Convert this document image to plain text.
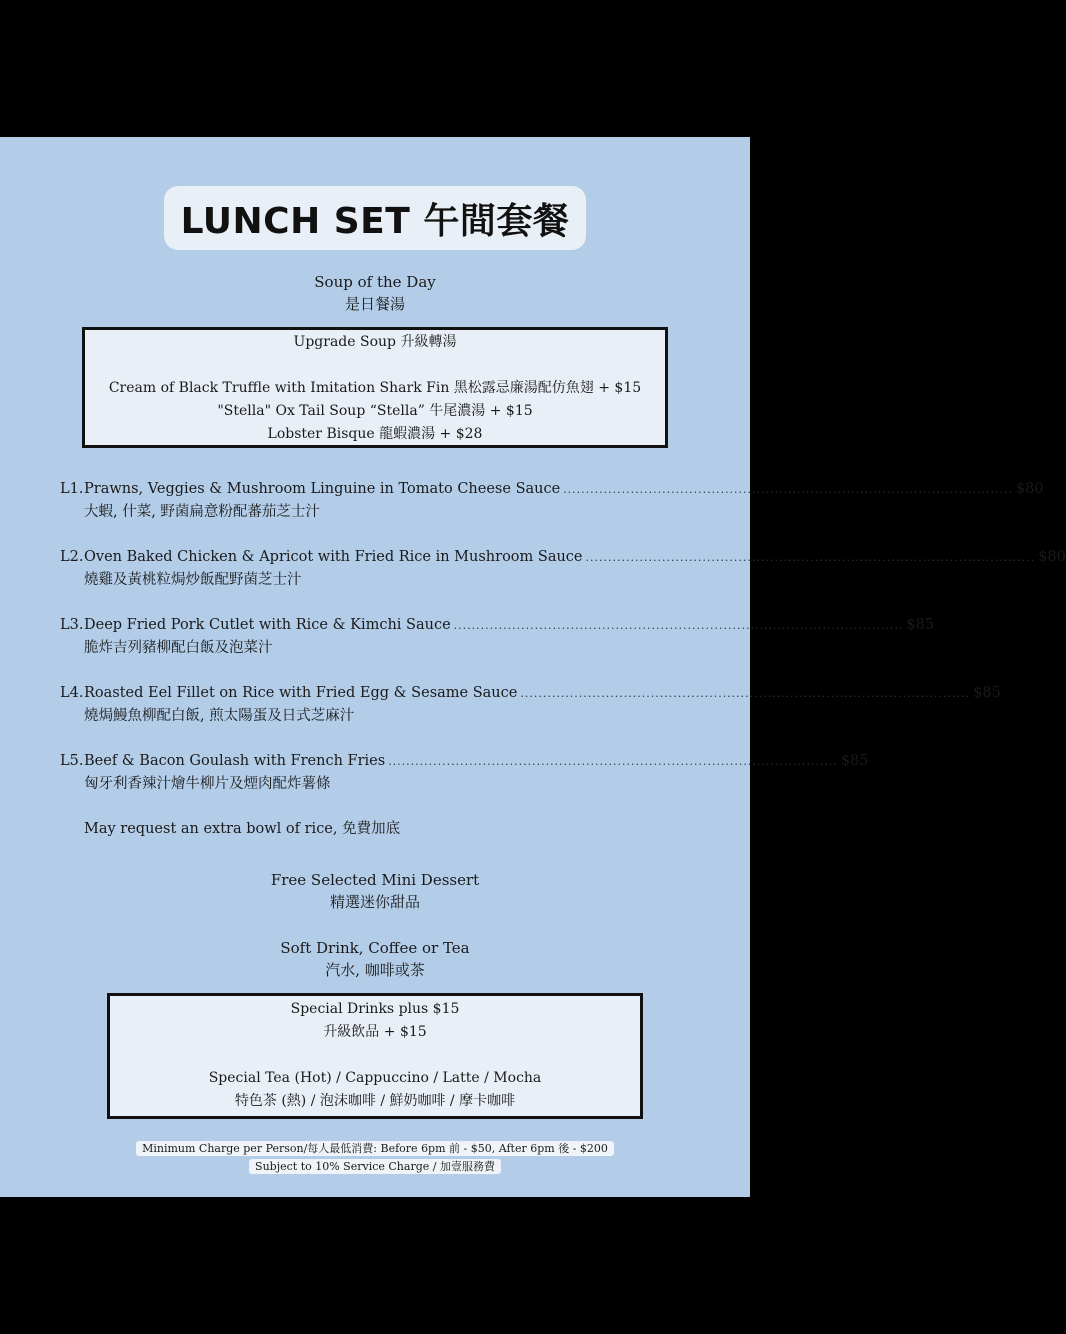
LUNCH SET 午間套餐
Soup of the Day
是日餐湯
Upgrade Soup 升級轉湯
Cream of Black Truffle with Imitation Shark Fin 黑松露忌廉湯配仿魚翅 + $15
"Stella" Ox Tail Soup “Stella” 牛尾濃湯 + $15
Lobster Bisque 龍蝦濃湯 + $28
L1. Prawns, Veggies & Mushroom Linguine in Tomato Cheese Sauce .................................................................................................... $80
大蝦, 什菜, 野菌扁意粉配蕃茄芝士汁
L2. Oven Baked Chicken & Apricot with Fried Rice in Mushroom Sauce .................................................................................................... $80
燒雞及黃桃粒焗炒飯配野菌芝士汁
L3. Deep Fried Pork Cutlet with Rice & Kimchi Sauce .................................................................................................... $85
脆炸吉列豬柳配白飯及泡菜汁
L4. Roasted Eel Fillet on Rice with Fried Egg & Sesame Sauce .................................................................................................... $85
燒焗鰻魚柳配白飯, 煎太陽蛋及日式芝麻汁
L5. Beef & Bacon Goulash with French Fries .................................................................................................... $85
匈牙利香辣汁燴牛柳片及煙肉配炸薯條
May request an extra bowl of rice, 免費加底
Free Selected Mini Dessert
精選迷你甜品
Soft Drink, Coffee or Tea
汽水, 咖啡或茶
Special Drinks plus $15
升級飲品 + $15
Special Tea (Hot) / Cappuccino / Latte / Mocha
特色茶 (熱) / 泡沫咖啡 / 鮮奶咖啡 / 摩卡咖啡
Minimum Charge per Person/每人最低消費: Before 6pm 前 - $50, After 6pm 後 - $200
Subject to 10% Service Charge / 加壹服務費
